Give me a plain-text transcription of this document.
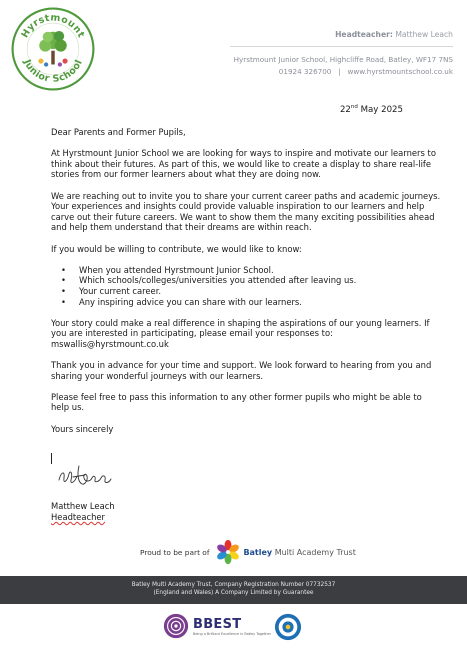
Hyrstmount
Junior School
Headteacher: Matthew Leach
Hyrstmount Junior School, Highcliffe Road, Batley, WF17 7NS
01924 326700 | www.hyrstmountschool.co.uk
22nd May 2025

Dear Parents and Former Pupils,

At Hyrstmount Junior School we are looking for ways to inspire and motivate our learners to think about their futures. As part of this, we would like to create a display to share real-life stories from our former learners about what they are doing now.

We are reaching out to invite you to share your current career paths and academic journeys. Your experiences and insights could provide valuable inspiration to our learners and help carve out their future careers. We want to show them the many exciting possibilities ahead and help them understand that their dreams are within reach.

If you would be willing to contribute, we would like to know:

• When you attended Hyrstmount Junior School.
• Which schools/colleges/universities you attended after leaving us.
• Your current career.
• Any inspiring advice you can share with our learners.

Your story could make a real difference in shaping the aspirations of our young learners. If you are interested in participating, please email your responses to: mswallis@hyrstmount.co.uk

Thank you in advance for your time and support. We look forward to hearing from you and sharing your wonderful journeys with our learners.

Please feel free to pass this information to any other former pupils who might be able to help us.

Yours sincerely

Matthew Leach
Headteacher
Proud to be part of	Batley Multi Academy Trust
Batley Multi Academy Trust, Company Registration Number 07732537
(England and Wales) A Company Limited by Guarantee
BBEST
Being a Brilliant Excellence in Batley Together
